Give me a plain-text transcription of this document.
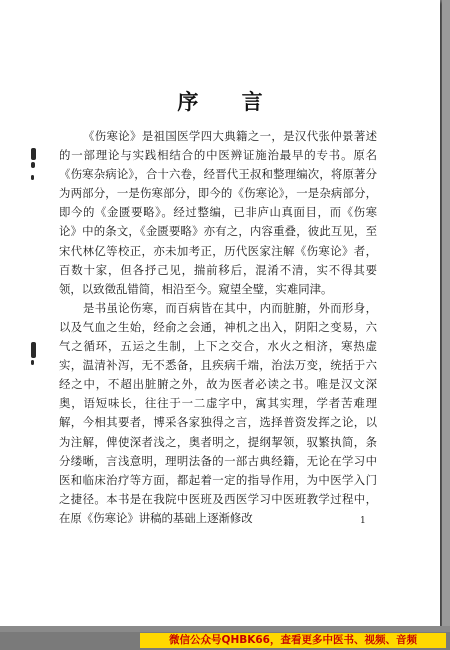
序 言

《伤寒论》是祖国医学四大典籍之一，是汉代张仲景著述的一部理论与实践相结合的中医辨证施治最早的专书。原名《伤寒杂病论》，合十六卷，经晋代王叔和整理编次，将原著分为两部分，一是伤寒部分，即今的《伤寒论》，一是杂病部分，即今的《金匮要略》。经过整编，已非庐山真面目，而《伤寒论》中的条文，《金匮要略》亦有之，内容重叠，彼此互见，至宋代林亿等校正，亦未加考正，历代医家注解《伤寒论》者，百数十家，但各抒己见，揣前移后，混淆不清，实不得其要领，以致徵乱错简，相沿至今。窥望全璧，实难同津。

是书虽论伤寒，而百病皆在其中，内而脏腑，外而形身，以及气血之生始，经俞之会通，神机之出入，阴阳之变易，六气之循环，五运之生制，上下之交合，水火之相济，寒热虚实，温清补泻，无不悉备，且疾病千端，治法万变，统括于六经之中，不超出脏腑之外，故为医者必读之书。唯是汉文深奥，语短味长，往往于一二虚字中，寓其实理，学者苦难理解，今相其要者，博采各家独得之言，选择普资发挥之论，以为注解，俾使深者浅之，奥者明之，提纲挈领，驭繁执简，条分缕晰，言浅意明，理明法备的一部古典经籍，无论在学习中医和临床治疗等方面，都起着一定的指导作用，为中医学入门之捷径。本书是在我院中医班及西医学习中医班教学过程中，在原《伤寒论》讲稿的基础上逐渐修改	1
微信公众号QHBK66，查看更多中医书、视频、音频
